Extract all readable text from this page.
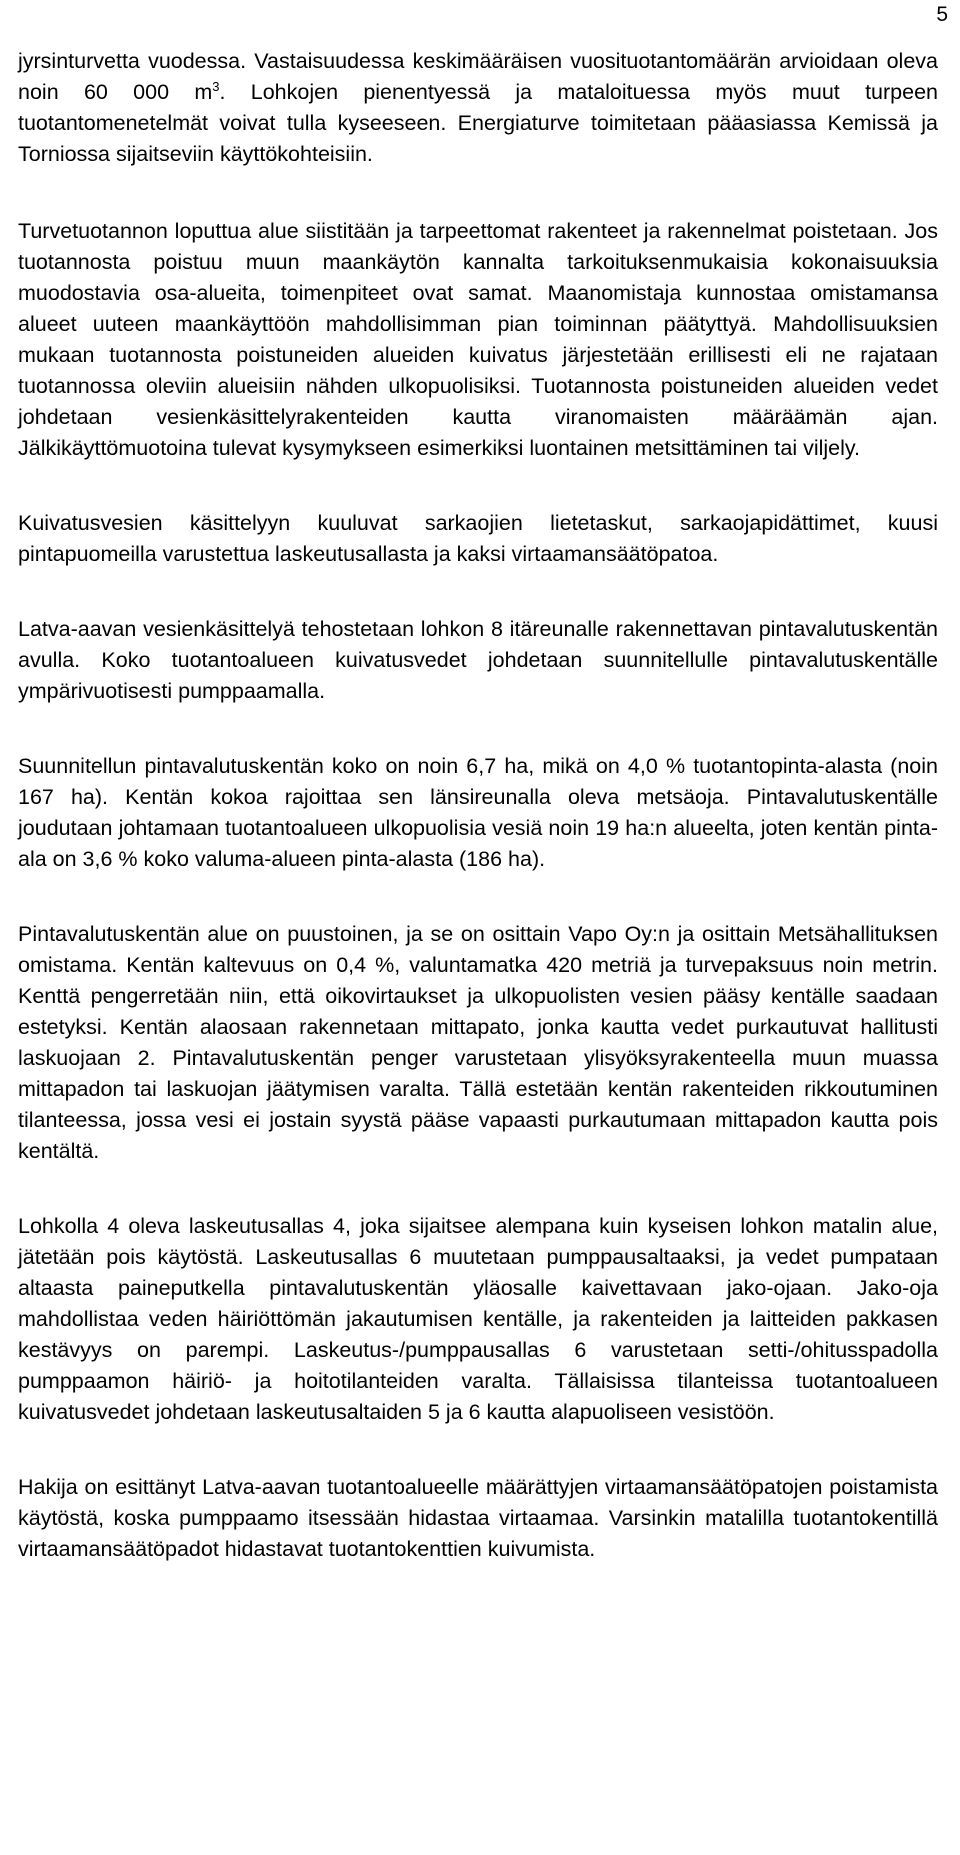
5

jyrsinturvetta vuodessa. Vastaisuudessa keskimääräisen vuosituotantomäärän arvioidaan oleva noin 60 000 $m^3$. Lohkojen pienentyessä ja mataloituessa myös muut turpeen tuotantomenetelmät voivat tulla kyseeseen. Energiaturve toimitetaan pääasiassa Kemissä ja Torniossa sijaitseviin käyttökohteisiin.

Turvetuotannon loputtua alue siistitään ja tarpeettomat rakenteet ja rakennelmat poistetaan. Jos tuotannosta poistuu muun maankäytön kannalta tarkoituksenmukaisia kokonaisuuksia muodostavia osa-alueita, toimenpiteet ovat samat. Maanomistaja kunnostaa omistamansa alueet uuteen maankäyttöön mahdollisimman pian toiminnan päätyttyä. Mahdollisuuksien mukaan tuotannosta poistuneiden alueiden kuivatus järjestetään erillisesti eli ne rajataan tuotannossa oleviin alueisiin nähden ulkopuolisiksi. Tuotannosta poistuneiden alueiden vedet johdetaan vesienkäsittelyrakenteiden kautta viranomaisten määräämän ajan. Jälkikäyttömuotoina tulevat kysymykseen esimerkiksi luontainen metsittäminen tai viljely.

Kuivatusvesien käsittelyyn kuuluvat sarkaojien lietetaskut, sarkaojapidättimet, kuusi pintapuomeilla varustettua laskeutusallasta ja kaksi virtaamansäätöpatoa.

Latva-aavan vesienkäsittelyä tehostetaan lohkon 8 itäreunalle rakennettavan pintavalutuskentän avulla. Koko tuotantoalueen kuivatusvedet johdetaan suunnitellulle pintavalutuskentälle ympärivuotisesti pumppaamalla.

Suunnitellun pintavalutuskentän koko on noin 6,7 ha, mikä on 4,0 % tuotantopinta-alasta (noin 167 ha). Kentän kokoa rajoittaa sen länsireunalla oleva metsäoja. Pintavalutuskentälle joudutaan johtamaan tuotantoalueen ulkopuolisia vesiä noin 19 ha:n alueelta, joten kentän pinta-ala on 3,6 % koko valuma-alueen pinta-alasta (186 ha).

Pintavalutuskentän alue on puustoinen, ja se on osittain Vapo Oy:n ja osittain Metsähallituksen omistama. Kentän kaltevuus on 0,4 %, valuntamatka 420 metriä ja turvepaksuus noin metrin. Kenttä pengerretään niin, että oikovirtaukset ja ulkopuolisten vesien pääsy kentälle saadaan estetyksi. Kentän alaosaan rakennetaan mittapato, jonka kautta vedet purkautuvat hallitusti laskuojaan 2. Pintavalutuskentän penger varustetaan ylisyöksyrakenteella muun muassa mittapadon tai laskuojan jäätymisen varalta. Tällä estetään kentän rakenteiden rikkoutuminen tilanteessa, jossa vesi ei jostain syystä pääse vapaasti purkautumaan mittapadon kautta pois kentältä.

Lohkolla 4 oleva laskeutusallas 4, joka sijaitsee alempana kuin kyseisen lohkon matalin alue, jätetään pois käytöstä. Laskeutusallas 6 muutetaan pumppausaltaaksi, ja vedet pumpataan altaasta paineputkella pintavalutuskentän yläosalle kaivettavaan jako-ojaan. Jako-oja mahdollistaa veden häiriöttömän jakautumisen kentälle, ja rakenteiden ja laitteiden pakkasen kestävyys on parempi. Laskeutus-/pumppausallas 6 varustetaan setti-/ohitusspadolla pumppaamon häiriö- ja hoitotilanteiden varalta. Tällaisissa tilanteissa tuotantoalueen kuivatusvedet johdetaan laskeutusaltaiden 5 ja 6 kautta alapuoliseen vesistöön.

Hakija on esittänyt Latva-aavan tuotantoalueelle määrättyjen virtaamansäätöpatojen poistamista käytöstä, koska pumppaamo itsessään hidastaa virtaamaa. Varsinkin matalilla tuotantokentillä virtaamansäätöpadot hidastavat tuotantokenttien kuivumista.
